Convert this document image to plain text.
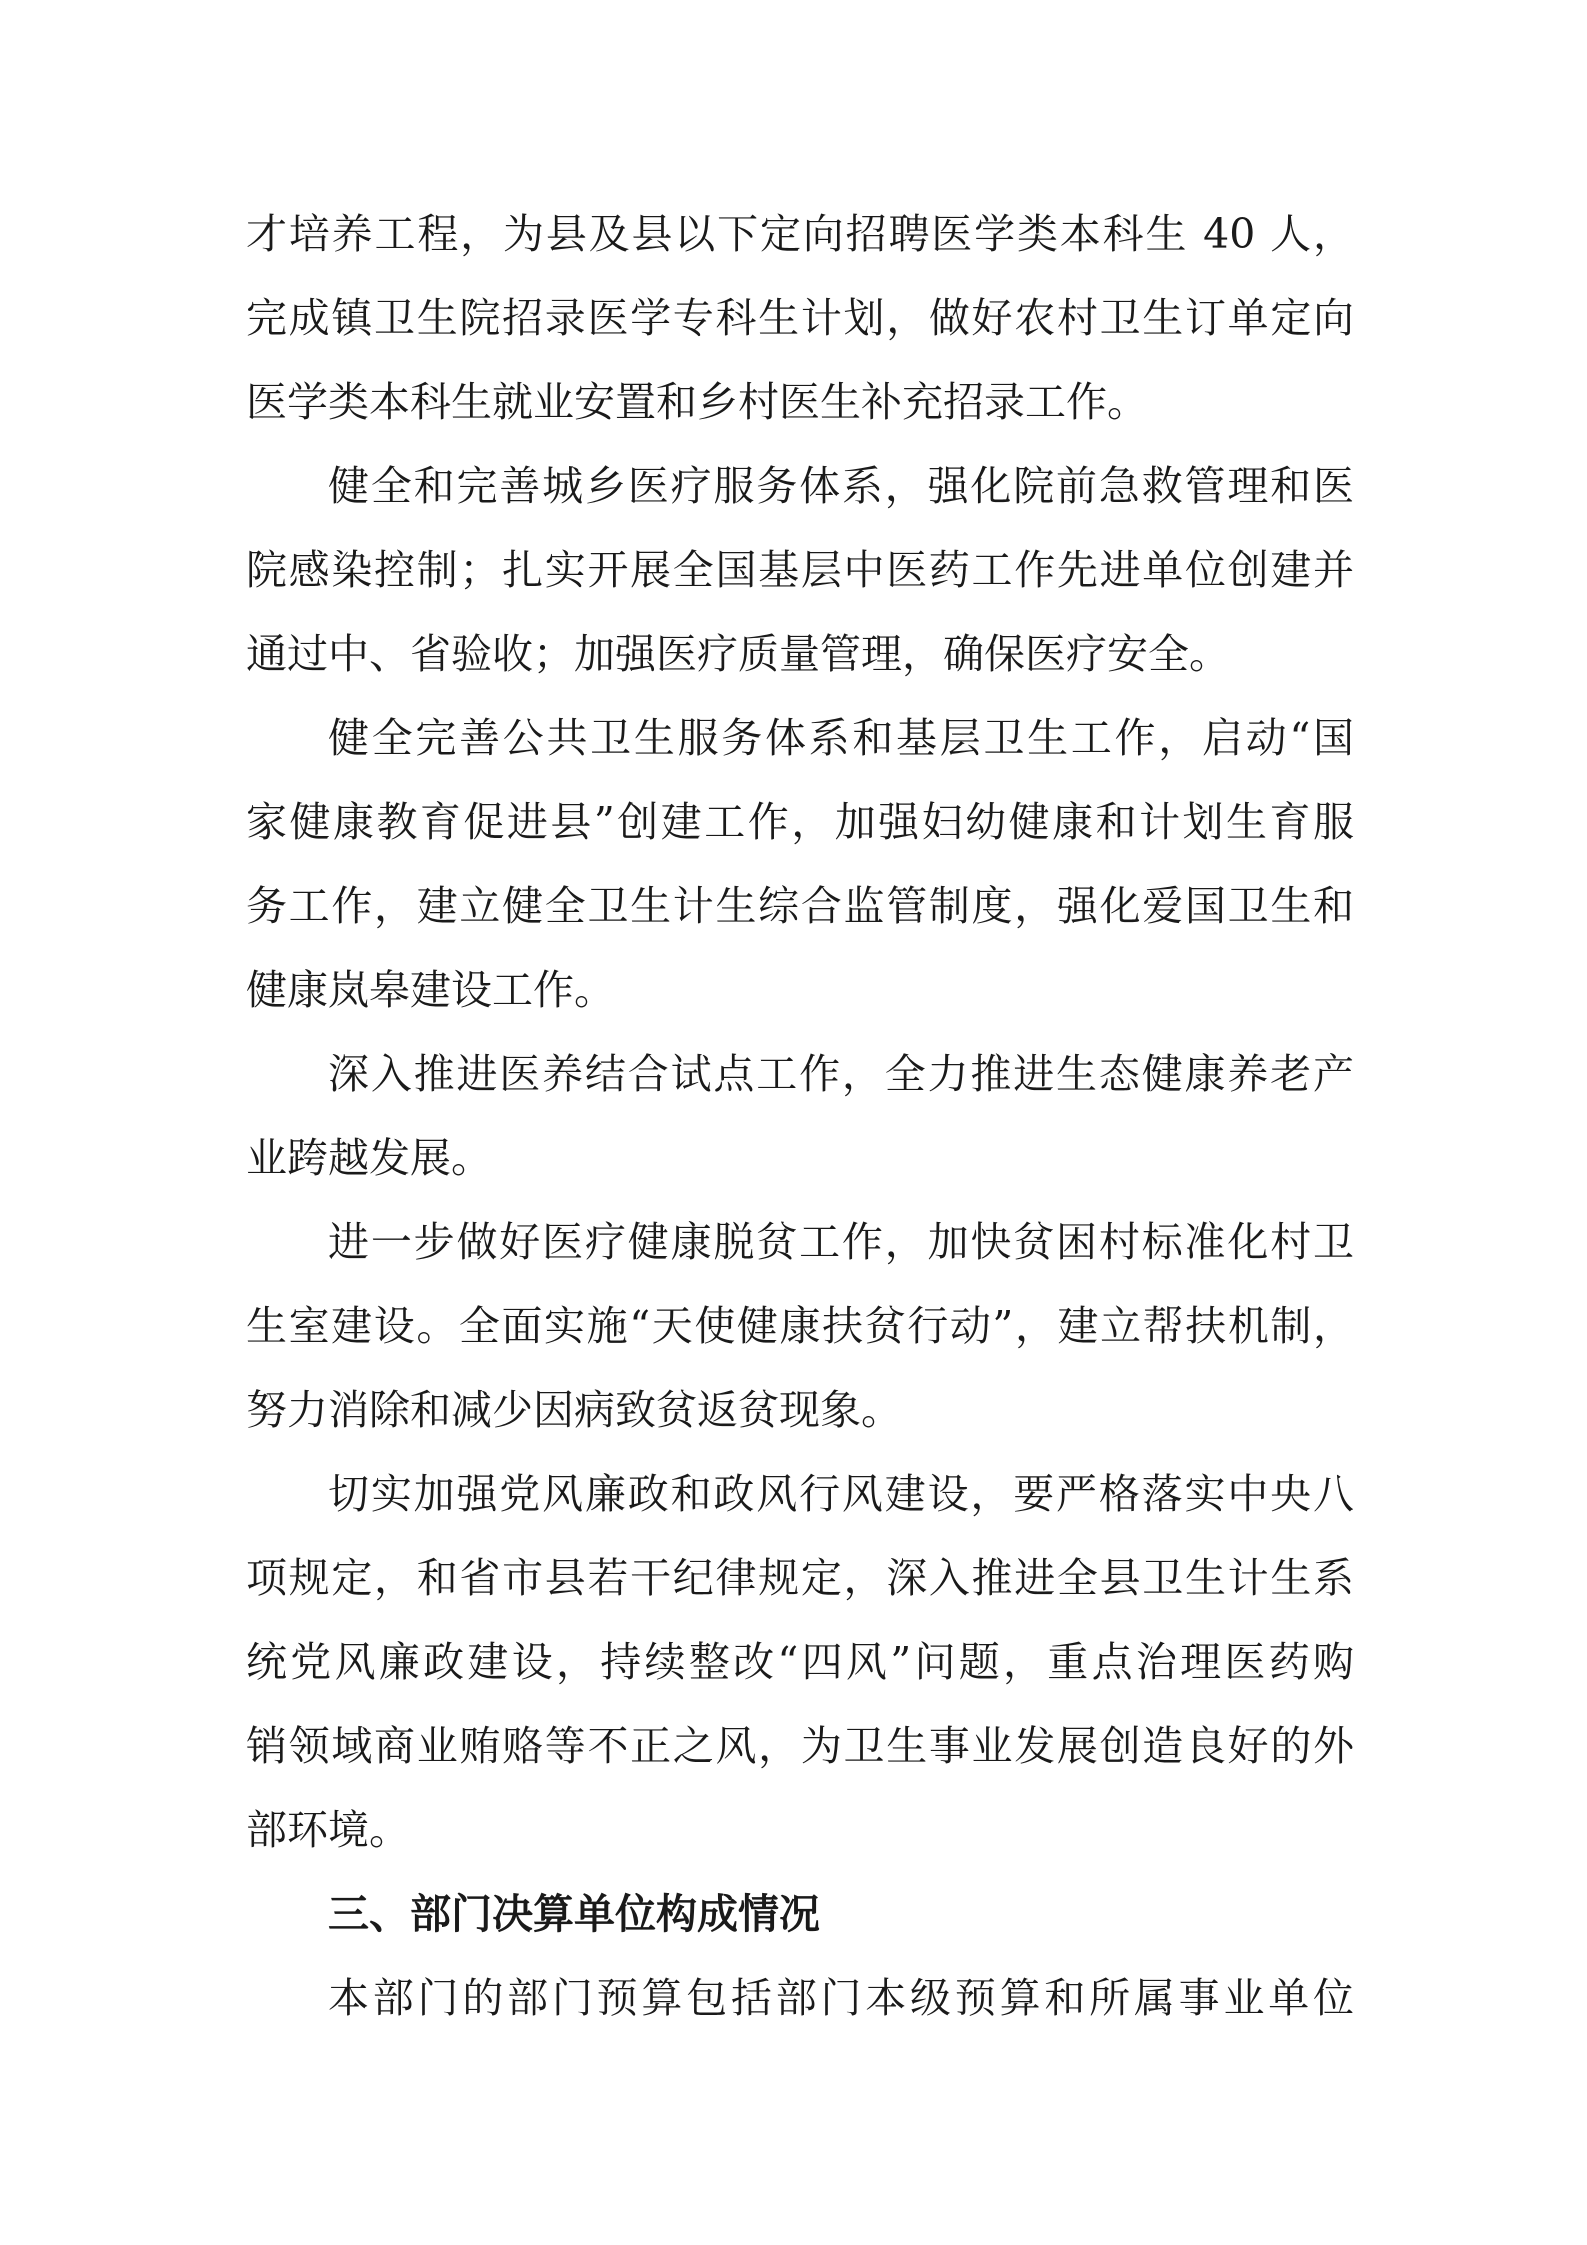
才培养工程，为县及县以下定向招聘医学类本科生 40 人，

完成镇卫生院招录医学专科生计划，做好农村卫生订单定向

医学类本科生就业安置和乡村医生补充招录工作。

健全和完善城乡医疗服务体系，强化院前急救管理和医

院感染控制；扎实开展全国基层中医药工作先进单位创建并

通过中、省验收；加强医疗质量管理，确保医疗安全。

健全完善公共卫生服务体系和基层卫生工作，启动“国

家健康教育促进县”创建工作，加强妇幼健康和计划生育服

务工作，建立健全卫生计生综合监管制度，强化爱国卫生和

健康岚皋建设工作。

深入推进医养结合试点工作，全力推进生态健康养老产

业跨越发展。

进一步做好医疗健康脱贫工作，加快贫困村标准化村卫

生室建设。全面实施“天使健康扶贫行动”，建立帮扶机制，

努力消除和减少因病致贫返贫现象。

切实加强党风廉政和政风行风建设，要严格落实中央八

项规定，和省市县若干纪律规定，深入推进全县卫生计生系

统党风廉政建设，持续整改“四风”问题，重点治理医药购

销领域商业贿赂等不正之风，为卫生事业发展创造良好的外

部环境。

三、部门决算单位构成情况

本部门的部门预算包括部门本级预算和所属事业单位
